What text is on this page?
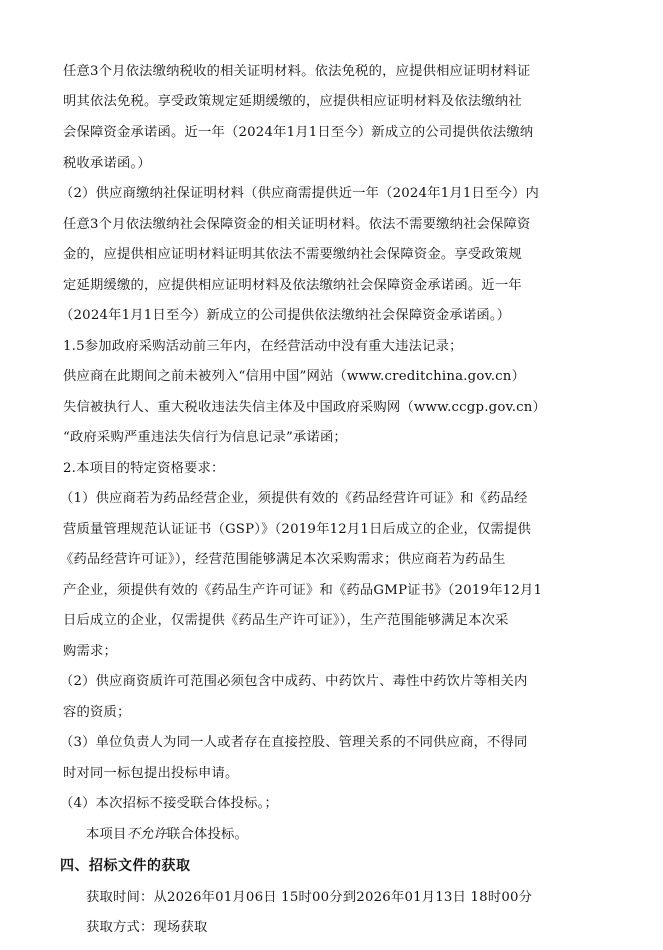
任意3个月依法缴纳税收的相关证明材料。依法免税的，应提供相应证明材料证
明其依法免税。享受政策规定延期缓缴的，应提供相应证明材料及依法缴纳社
会保障资金承诺函。近一年（2024年1月1日至今）新成立的公司提供依法缴纳
税收承诺函。）
（2）供应商缴纳社保证明材料（供应商需提供近一年（2024年1月1日至今）内
任意3个月依法缴纳社会保障资金的相关证明材料。依法不需要缴纳社会保障资
金的，应提供相应证明材料证明其依法不需要缴纳社会保障资金。享受政策规
定延期缓缴的，应提供相应证明材料及依法缴纳社会保障资金承诺函。近一年
（2024年1月1日至今）新成立的公司提供依法缴纳社会保障资金承诺函。）
1.5参加政府采购活动前三年内，在经营活动中没有重大违法记录；
供应商在此期间之前未被列入“信用中国”网站（www.creditchina.gov.cn）
失信被执行人、重大税收违法失信主体及中国政府采购网（www.ccgp.gov.cn）
“政府采购严重违法失信行为信息记录”承诺函；
2.本项目的特定资格要求：
（1）供应商若为药品经营企业，须提供有效的《药品经营许可证》和《药品经
营质量管理规范认证证书（GSP）》（2019年12月1日后成立的企业，仅需提供
《药品经营许可证》），经营范围能够满足本次采购需求；供应商若为药品生
产企业，须提供有效的《药品生产许可证》和《药品GMP证书》（2019年12月1
日后成立的企业，仅需提供《药品生产许可证》），生产范围能够满足本次采
购需求；
（2）供应商资质许可范围必须包含中成药、中药饮片、毒性中药饮片等相关内
容的资质；
（3）单位负责人为同一人或者存在直接控股、管理关系的不同供应商，不得同
时对同一标包提出投标申请。
（4）本次招标不接受联合体投标。；
本项目不允许联合体投标。
四、招标文件的获取
获取时间：从2026年01月06日 15时00分到2026年01月13日 18时00分
获取方式：现场获取
